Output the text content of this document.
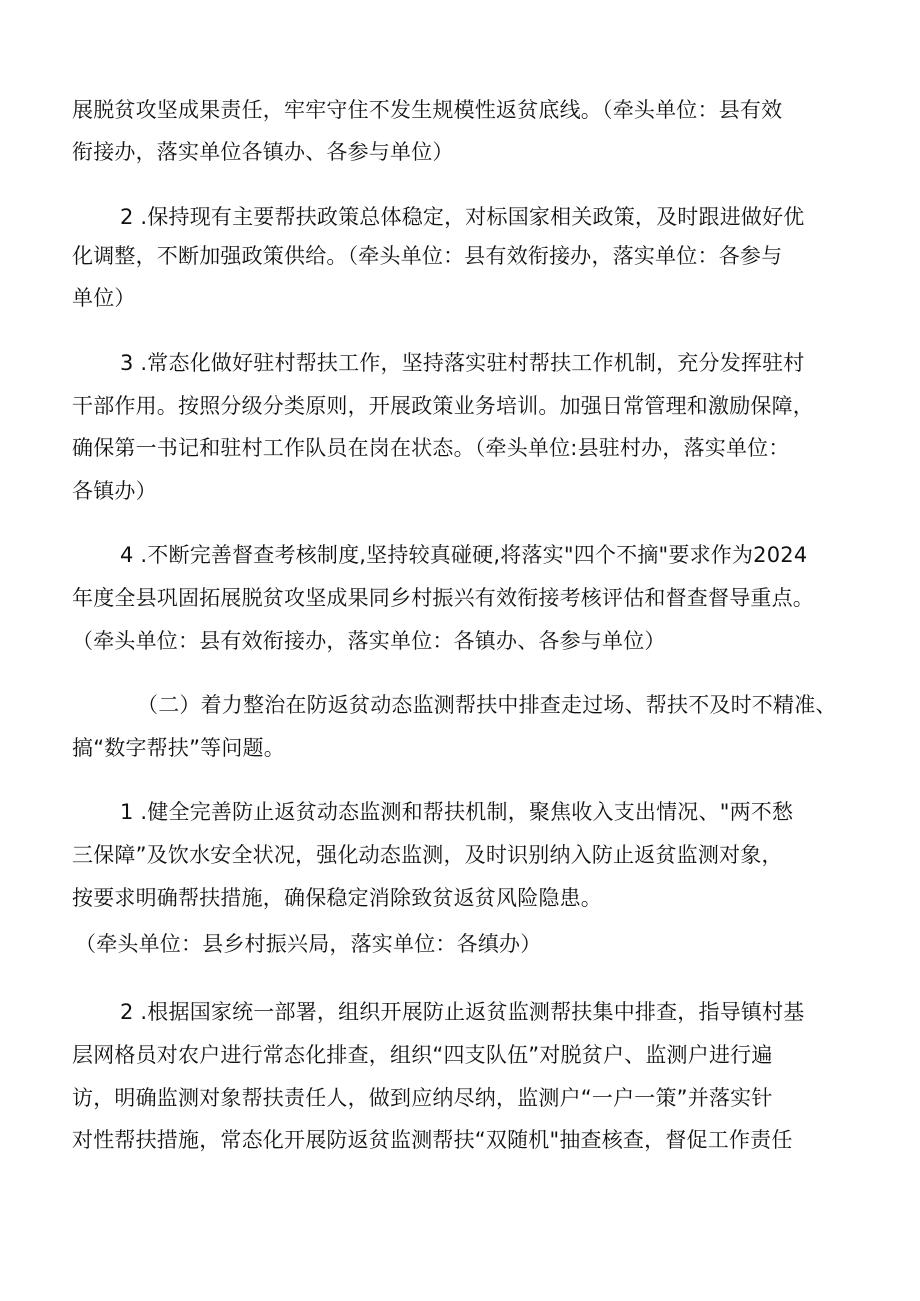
展脱贫攻坚成果责任，牢牢守住不发生规模性返贫底线。（牵头单位：县有效
衔接办，落实单位各镇办、各参与单位）
2 .保持现有主要帮扶政策总体稳定，对标国家相关政策，及时跟进做好优
化调整，不断加强政策供给。（牵头单位：县有效衔接办，落实单位：各参与
单位）
3 .常态化做好驻村帮扶工作，坚持落实驻村帮扶工作机制，充分发挥驻村
干部作用。按照分级分类原则，开展政策业务培训。加强日常管理和激励保障，
确保第一书记和驻村工作队员在岗在状态。（牵头单位:县驻村办，落实单位：
各镇办）
4 .不断完善督查考核制度,坚持较真碰硬,将落实"四个不摘"要求作为2024
年度全县巩固拓展脱贫攻坚成果同乡村振兴有效衔接考核评估和督查督导重点。
（牵头单位：县有效衔接办，落实单位：各镇办、各参与单位）
（二）着力整治在防返贫动态监测帮扶中排查走过场、帮扶不及时不精准、
搞“数字帮扶”等问题。
1 .健全完善防止返贫动态监测和帮扶机制，聚焦收入支出情况、"两不愁
三保障”及饮水安全状况，强化动态监测，及时识别纳入防止返贫监测对象，
按要求明确帮扶措施，确保稳定消除致贫返贫风险隐患。
（牵头单位：县乡村振兴局，落实单位：各缜办）
2 .根据国家统一部署，组织开展防止返贫监测帮扶集中排查，指导镇村基
层网格员对农户进行常态化排查，组织“四支队伍”对脱贫户、监测户进行遍
访，明确监测对象帮扶责任人，做到应纳尽纳，监测户“一户一策”并落实针
对性帮扶措施，常态化开展防返贫监测帮扶“双随机"抽查核查，督促工作责任
